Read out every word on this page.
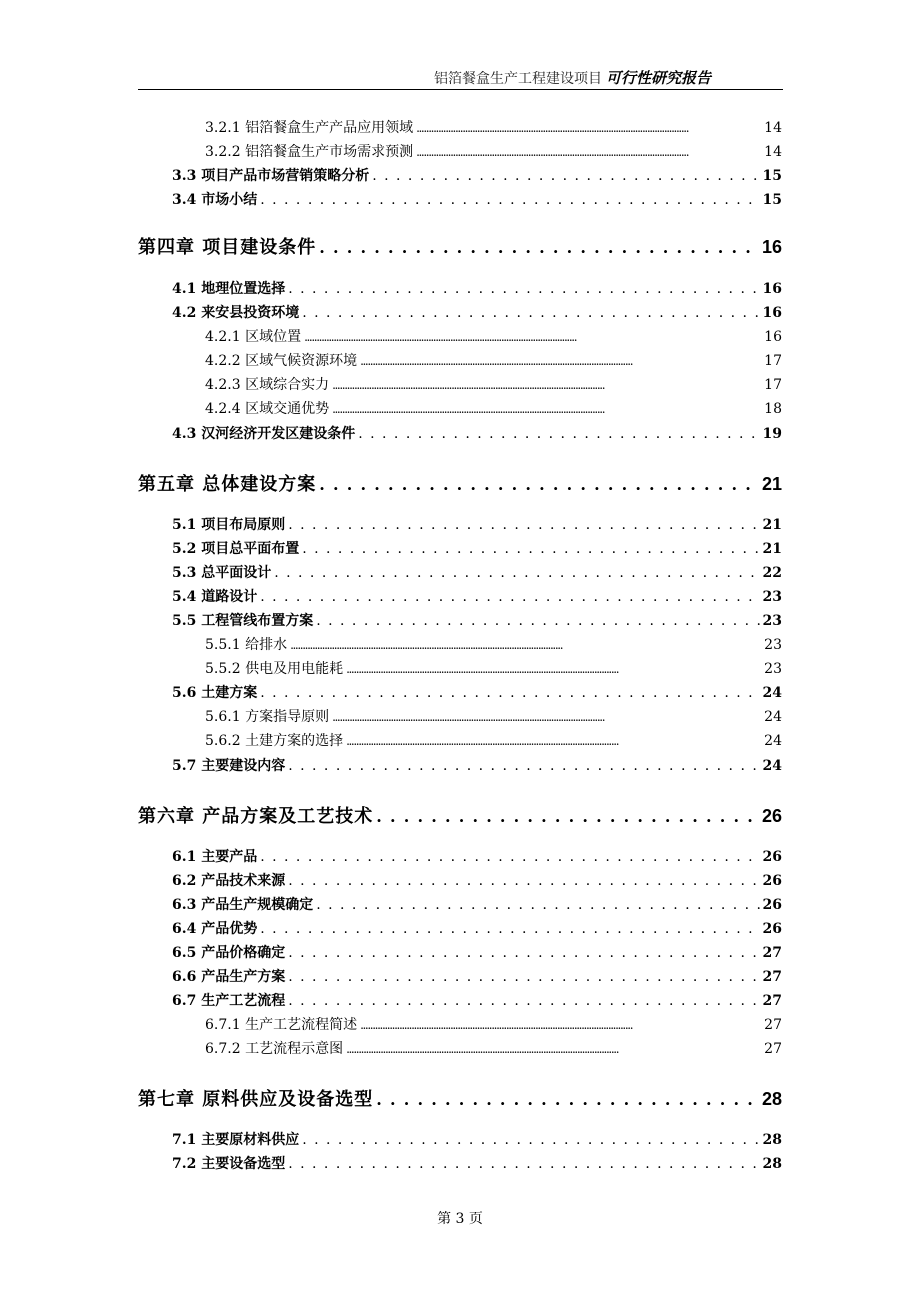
铝箔餐盒生产工程建设项目 可行性研究报告
3.2.1 铝箔餐盒生产产品应用领域 . . .	14
3.2.2 铝箔餐盒生产市场需求预测 . . .	14
3.3 项目产品市场营销策略分析 . . .	15
3.4 市场小结 . . .	15
第四章 项目建设条件 . . .	16
4.1 地理位置选择 . . .	16
4.2 来安县投资环境 . . .	16
4.2.1 区域位置 . . .	16
4.2.2 区域气候资源环境 . . .	17
4.2.3 区域综合实力 . . .	17
4.2.4 区域交通优势 . . .	18
4.3 汉河经济开发区建设条件 . . .	19
第五章 总体建设方案 . . .	21
5.1 项目布局原则 . . .	21
5.2 项目总平面布置 . . .	21
5.3 总平面设计 . . .	22
5.4 道路设计 . . .	23
5.5 工程管线布置方案 . . .	23
5.5.1 给排水 . . .	23
5.5.2 供电及用电能耗 . . .	23
5.6 土建方案 . . .	24
5.6.1 方案指导原则 . . .	24
5.6.2 土建方案的选择 . . .	24
5.7 主要建设内容 . . .	24
第六章 产品方案及工艺技术 . . .	26
6.1 主要产品 . . .	26
6.2 产品技术来源 . . .	26
6.3 产品生产规模确定 . . .	26
6.4 产品优势 . . .	26
6.5 产品价格确定 . . .	27
6.6 产品生产方案 . . .	27
6.7 生产工艺流程 . . .	27
6.7.1 生产工艺流程简述 . . .	27
6.7.2 工艺流程示意图 . . .	27
第七章 原料供应及设备选型 . . .	28
7.1 主要原材料供应 . . .	28
7.2 主要设备选型 . . .	28
第 3 页
